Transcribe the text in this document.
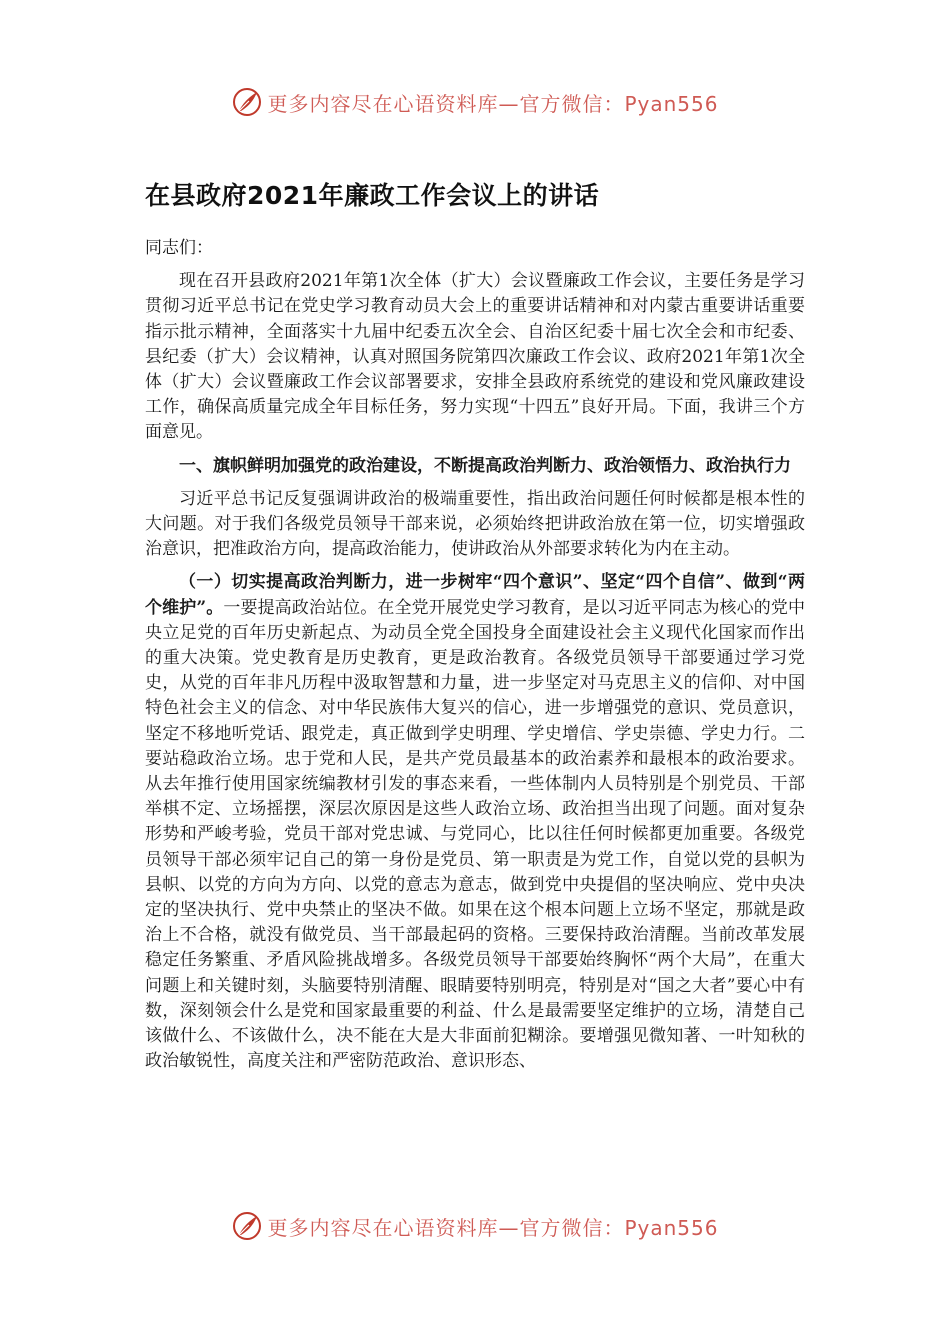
更多内容尽在心语资料库—官方微信：Pyan556
在县政府2021年廉政工作会议上的讲话

同志们：

现在召开县政府2021年第1次全体（扩大）会议暨廉政工作会议，主要任务是学习贯彻习近平总书记在党史学习教育动员大会上的重要讲话精神和对内蒙古重要讲话重要指示批示精神，全面落实十九届中纪委五次全会、自治区纪委十届七次全会和市纪委、县纪委（扩大）会议精神，认真对照国务院第四次廉政工作会议、政府2021年第1次全体（扩大）会议暨廉政工作会议部署要求，安排全县政府系统党的建设和党风廉政建设工作，确保高质量完成全年目标任务，努力实现“十四五”良好开局。下面，我讲三个方面意见。

一、旗帜鲜明加强党的政治建设，不断提高政治判断力、政治领悟力、政治执行力

习近平总书记反复强调讲政治的极端重要性，指出政治问题任何时候都是根本性的大问题。对于我们各级党员领导干部来说，必须始终把讲政治放在第一位，切实增强政治意识，把准政治方向，提高政治能力，使讲政治从外部要求转化为内在主动。

（一）切实提高政治判断力，进一步树牢“四个意识”、坚定“四个自信”、做到“两个维护”。一要提高政治站位。在全党开展党史学习教育，是以习近平同志为核心的党中央立足党的百年历史新起点、为动员全党全国投身全面建设社会主义现代化国家而作出的重大决策。党史教育是历史教育，更是政治教育。各级党员领导干部要通过学习党史，从党的百年非凡历程中汲取智慧和力量，进一步坚定对马克思主义的信仰、对中国特色社会主义的信念、对中华民族伟大复兴的信心，进一步增强党的意识、党员意识，坚定不移地听党话、跟党走，真正做到学史明理、学史增信、学史崇德、学史力行。二要站稳政治立场。忠于党和人民，是共产党员最基本的政治素养和最根本的政治要求。从去年推行使用国家统编教材引发的事态来看，一些体制内人员特别是个别党员、干部举棋不定、立场摇摆，深层次原因是这些人政治立场、政治担当出现了问题。面对复杂形势和严峻考验，党员干部对党忠诚、与党同心，比以往任何时候都更加重要。各级党员领导干部必须牢记自己的第一身份是党员、第一职责是为党工作，自觉以党的县帜为县帜、以党的方向为方向、以党的意志为意志，做到党中央提倡的坚决响应、党中央决定的坚决执行、党中央禁止的坚决不做。如果在这个根本问题上立场不坚定，那就是政治上不合格，就没有做党员、当干部最起码的资格。三要保持政治清醒。当前改革发展稳定任务繁重、矛盾风险挑战增多。各级党员领导干部要始终胸怀“两个大局”，在重大问题上和关键时刻，头脑要特别清醒、眼睛要特别明亮，特别是对“国之大者”要心中有数，深刻领会什么是党和国家最重要的利益、什么是最需要坚定维护的立场，清楚自己该做什么、不该做什么，决不能在大是大非面前犯糊涂。要增强见微知著、一叶知秋的政治敏锐性，高度关注和严密防范政治、意识形态、

更多内容尽在心语资料库—官方微信：Pyan556
